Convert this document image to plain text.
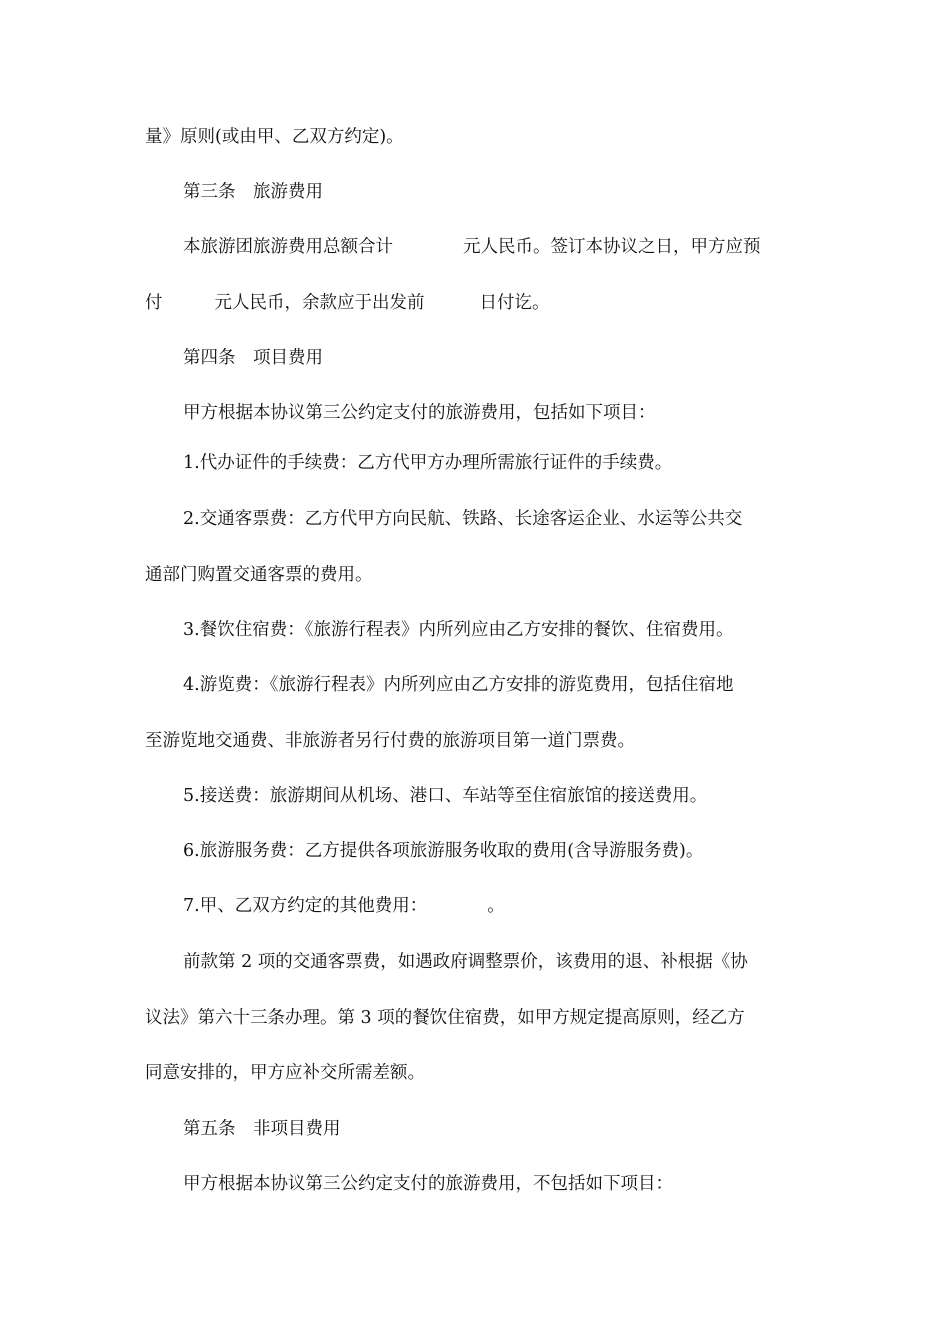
量》原则(或由甲、乙双方约定)。
第三条　旅游费用
本旅游团旅游费用总额合计	元人民币。签订本协议之日，甲方应预
付	元人民币，余款应于出发前	日付讫。
第四条　项目费用
甲方根据本协议第三公约定支付的旅游费用，包括如下项目：
1.代办证件的手续费：乙方代甲方办理所需旅行证件的手续费。
2.交通客票费：乙方代甲方向民航、铁路、长途客运企业、水运等公共交
通部门购置交通客票的费用。
3.餐饮住宿费：《旅游行程表》内所列应由乙方安排的餐饮、住宿费用。
4.游览费：《旅游行程表》内所列应由乙方安排的游览费用，包括住宿地
至游览地交通费、非旅游者另行付费的旅游项目第一道门票费。
5.接送费：旅游期间从机场、港口、车站等至住宿旅馆的接送费用。
6.旅游服务费：乙方提供各项旅游服务收取的费用(含导游服务费)。
7.甲、乙双方约定的其他费用：	。
前款第 2 项的交通客票费，如遇政府调整票价，该费用的退、补根据《协
议法》第六十三条办理。第 3 项的餐饮住宿费，如甲方规定提高原则，经乙方
同意安排的，甲方应补交所需差额。
第五条　非项目费用
甲方根据本协议第三公约定支付的旅游费用，不包括如下项目：
